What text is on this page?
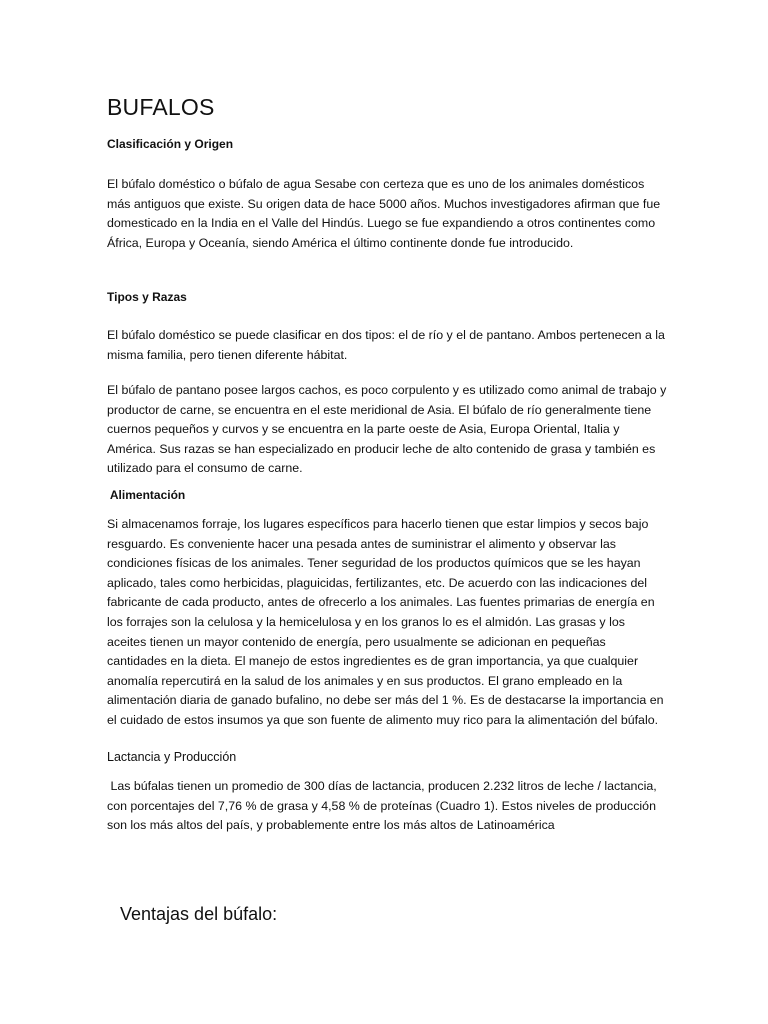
BUFALOS
Clasificación y Origen
El búfalo doméstico o búfalo de agua Sesabe con certeza que es uno de los animales domésticos más antiguos que existe. Su origen data de hace 5000 años. Muchos investigadores afirman que fue domesticado en la India en el Valle del Hindús. Luego se fue expandiendo a otros continentes como África, Europa y Oceanía, siendo América el último continente donde fue introducido.
Tipos y Razas
El búfalo doméstico se puede clasificar en dos tipos: el de río y el de pantano. Ambos pertenecen a la misma familia, pero tienen diferente hábitat.
El búfalo de pantano posee largos cachos, es poco corpulento y es utilizado como animal de trabajo y productor de carne, se encuentra en el este meridional de Asia. El búfalo de río generalmente tiene cuernos pequeños y curvos y se encuentra en la parte oeste de Asia, Europa Oriental, Italia y América. Sus razas se han especializado en producir leche de alto contenido de grasa y también es utilizado para el consumo de carne.
Alimentación
Si almacenamos forraje, los lugares específicos para hacerlo tienen que estar limpios y secos bajo resguardo. Es conveniente hacer una pesada antes de suministrar el alimento y observar las condiciones físicas de los animales. Tener seguridad de los productos químicos que se les hayan aplicado, tales como herbicidas, plaguicidas, fertilizantes, etc. De acuerdo con las indicaciones del fabricante de cada producto, antes de ofrecerlo a los animales. Las fuentes primarias de energía en los forrajes son la celulosa y la hemicelulosa y en los granos lo es el almidón. Las grasas y los aceites tienen un mayor contenido de energía, pero usualmente se adicionan en pequeñas cantidades en la dieta. El manejo de estos ingredientes es de gran importancia, ya que cualquier anomalía repercutirá en la salud de los animales y en sus productos. El grano empleado en la alimentación diaria de ganado bufalino, no debe ser más del 1 %. Es de destacarse la importancia en el cuidado de estos insumos ya que son fuente de alimento muy rico para la alimentación del búfalo.
Lactancia y Producción
Las búfalas tienen un promedio de 300 días de lactancia, producen 2.232 litros de leche / lactancia, con porcentajes del 7,76 % de grasa y 4,58 % de proteínas (Cuadro 1). Estos niveles de producción son los más altos del país, y probablemente entre los más altos de Latinoamérica
Ventajas del búfalo:
